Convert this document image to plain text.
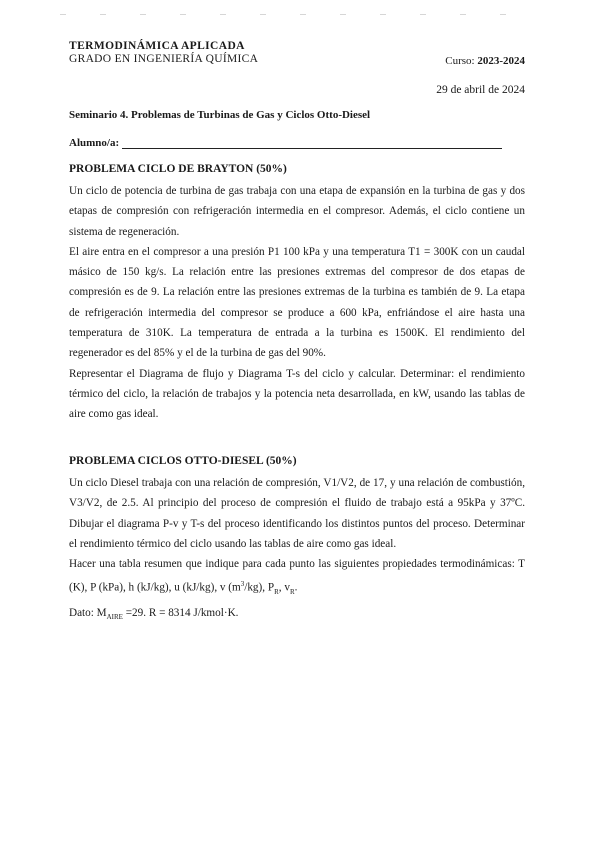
TERMODINÁMICA APLICADA
GRADO EN INGENIERÍA QUÍMICA	Curso: 2023-2024
29 de abril de 2024
Seminario 4. Problemas de Turbinas de Gas y Ciclos Otto-Diesel
Alumno/a:
PROBLEMA CICLO DE BRAYTON (50%)

Un ciclo de potencia de turbina de gas trabaja con una etapa de expansión en la turbina de gas y dos etapas de compresión con refrigeración intermedia en el compresor. Además, el ciclo contiene un sistema de regeneración.

El aire entra en el compresor a una presión P1 100 kPa y una temperatura T1 = 300K con un caudal másico de 150 kg/s. La relación entre las presiones extremas del compresor de dos etapas de compresión es de 9. La relación entre las presiones extremas de la turbina es también de 9. La etapa de refrigeración intermedia del compresor se produce a 600 kPa, enfriándose el aire hasta una temperatura de 310K. La temperatura de entrada a la turbina es 1500K. El rendimiento del regenerador es del 85% y el de la turbina de gas del 90%.

Representar el Diagrama de flujo y Diagrama T-s del ciclo y calcular. Determinar: el rendimiento térmico del ciclo, la relación de trabajos y la potencia neta desarrollada, en kW, usando las tablas de aire como gas ideal.

PROBLEMA CICLOS OTTO-DIESEL (50%)

Un ciclo Diesel trabaja con una relación de compresión, V1/V2, de 17, y una relación de combustión, V3/V2, de 2.5. Al principio del proceso de compresión el fluido de trabajo está a 95kPa y 37ºC. Dibujar el diagrama P-v y T-s del proceso identificando los distintos puntos del proceso. Determinar el rendimiento térmico del ciclo usando las tablas de aire como gas ideal.

Hacer una tabla resumen que indique para cada punto las siguientes propiedades termodinámicas: T (K), P (kPa), h (kJ/kg), u (kJ/kg), v $(m^3/kg)$, $P_R$, $v_R$.

Dato: $M_{AIRE} =29$. R = 8314 J/kmol·K.
